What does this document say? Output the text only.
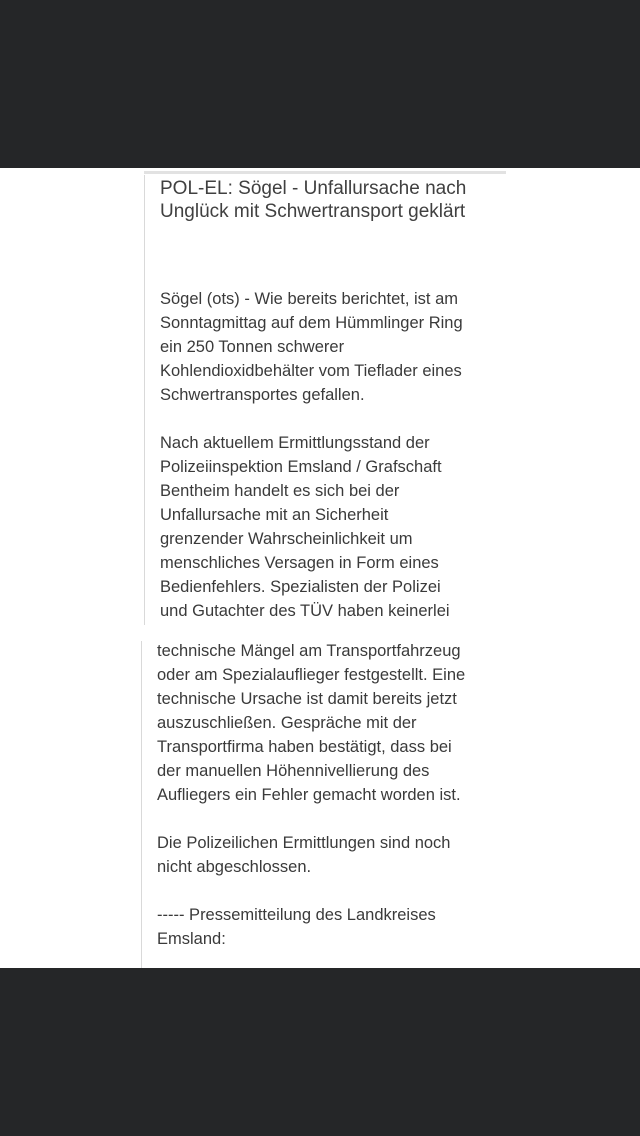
POL-EL: Sögel - Unfallursache nach Unglück mit Schwertransport geklärt

Sögel (ots) - Wie bereits berichtet, ist am
Sonntagmittag auf dem Hümmlinger Ring
ein 250 Tonnen schwerer
Kohlendioxidbehälter vom Tieflader eines
Schwertransportes gefallen.

Nach aktuellem Ermittlungsstand der
Polizeiinspektion Emsland / Grafschaft
Bentheim handelt es sich bei der
Unfallursache mit an Sicherheit
grenzender Wahrscheinlichkeit um
menschliches Versagen in Form eines
Bedienfehlers. Spezialisten der Polizei
und Gutachter des TÜV haben keinerlei

technische Mängel am Transportfahrzeug
oder am Spezialauflieger festgestellt. Eine
technische Ursache ist damit bereits jetzt
auszuschließen. Gespräche mit der
Transportfirma haben bestätigt, dass bei
der manuellen Höhennivellierung des
Aufliegers ein Fehler gemacht worden ist.

Die Polizeilichen Ermittlungen sind noch
nicht abgeschlossen.

----- Pressemitteilung des Landkreises
Emsland:
